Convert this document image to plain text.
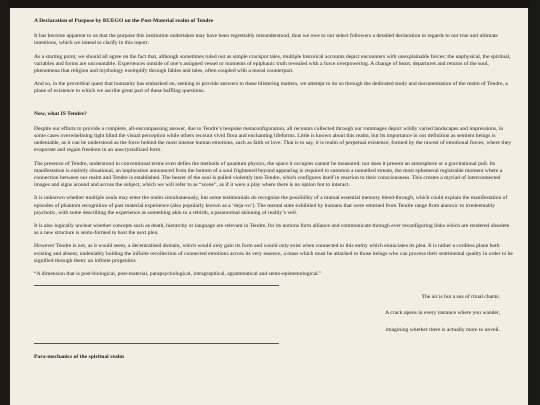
A Declaration of Purpose by RUEGO on the Post-Material realm of Tendre

It has become apparent to us that the purpose this institution undertakes may have been regrettably misunderstood, thus we owe to our select followers a detailed declaration in regards to our true and ultimate intentions, which we intend to clarify in this report.

As a starting point, we should all agree on the fact that, although sometimes ruled out as simple crackpot tales, multiple historical accounts depict encounters with unexplainable forces: the unphysical, the spiritual, variables and forms are uncountable. Experiences outside of one’s assigned vessel or moments of epiphanic truth revealed with a force overpowering. A change of heart, departures and returns of the soul, phenomena that religion and mythology exemplify through fables and tales, often coupled with a moral counterpart.

And so, in the proverbial quest that humanity has embarked on, seeking to provide answers to these blistering matters, we attempt to do so through the dedicated study and documentation of the realm of Tendre, a plane of existence to which we ascribe great part of these baffling questions.

Now, what IS Tendre?

Despite our efforts to provide a complete, all-encompassing answer, due to Tendre’s bespoke metaconfiguration, all recounts collected through our rummages depict wildly varied landscapes and impressions, in some cases overwhelming light blind the visual perception while others recount vivid flora and enchanting lifeforms. Little is known about this realm, but its importance in our definition as sentient beings is undeniable, as it can be understood as the force behind the most intense human emotions, such as faith or love. That is to say, it is realm of perpetual existence, formed by the rawest of emotional forces, where they evaporate and regain freedom in an unscrystallized form.

The presence of Tendre, understood in conventional terms even defies the methods of quantum physics, the space it occupies cannot be measured, nor does it present an atmosphere or a gravitational pull. Its manifestation is entirely situational, an imploration announced from the bottom of a soul frightened beyond appearing is required to summon a tunnelled stream, the most ephemeral registrable moment where a connection between our realm and Tendre is established. The bearer of the soul is pulled violently into Tendre, which configures itself in reaction to their consciousness. This creates a myriad of interconnected images and signs around and across the subject, which we will refer to as “scene”, as if it were a play where there is no option but to interact.

It is unknown whether multiple souls may enter the realm simultaneously, but some testimonials do recognize the possibility of a mutual essential memory bleed-through, which could explain the manifestation of episodes of phantom recognition of past material experience (also popularly known as a ‘deja-vu’). The mental state exhibited by humans that were returned from Tendre range from ataraxic to irredeemably psychotic, with some describing the experience as something akin to a rebirth, a paranormal skinning of reality’s veil.

It is also logically unclear whether concepts such as death, hierarchy or language are relevant in Tendre, for its notions form alliance and communicate through ever reconfiguring links which are rendered obsolete as a new structure is sento-formed to host the next plea.

However Tendre is not, as it would seem, a decentralised domain, which would only gain its form and would only exist when connected to this entity which enunciates its plea. It is rather a cordless plane both existing and absent, undeniably holding the infinite recollection of connected emotions across its very essence, a mass which must be attached to those beings who can process their sentimental quality in order to be signified through them: an infinite progenitor.

“A dimension that is post-biological, post-material, parapsychological, intragraphical, agrammatical and sento-epistemological.”

The air is but a sea of ritual chants.

A crack opens in every instance where you wander,

imagining whether there is actually more to unveil.

Para-mechanics of the spiritual realm
